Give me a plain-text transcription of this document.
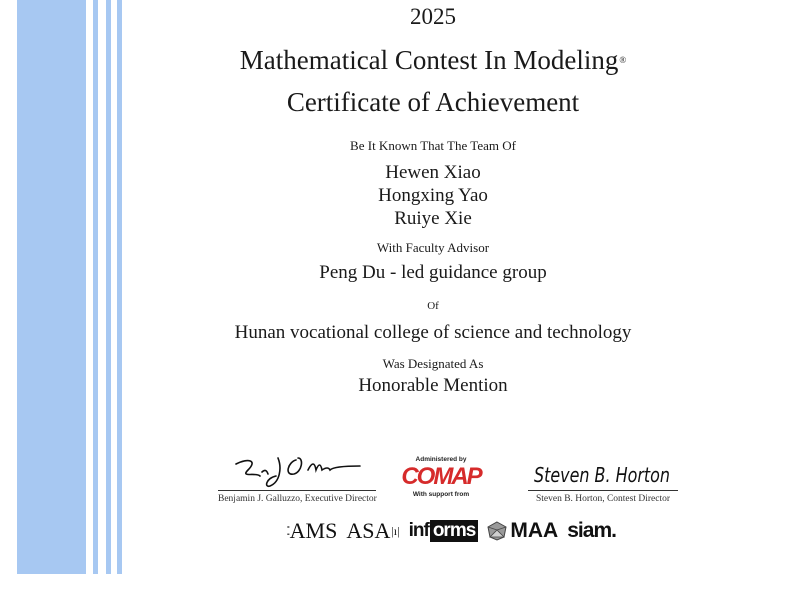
2025
Mathematical Contest In Modeling®
Certificate of Achievement
Be It Known That The Team Of
Hewen Xiao
Hongxing Yao
Ruiye Xie
With Faculty Advisor
Peng Du - led guidance group
Of
Hunan vocational college of science and technology
Was Designated As
Honorable Mention
Benjamin J. Galluzzo, Executive Director
Administered by
COMAP
With support from
Steven B. Horton
Steven B. Horton, Contest Director
⁚⁚ AMS ASA |ı| inf orms MAA siam.
